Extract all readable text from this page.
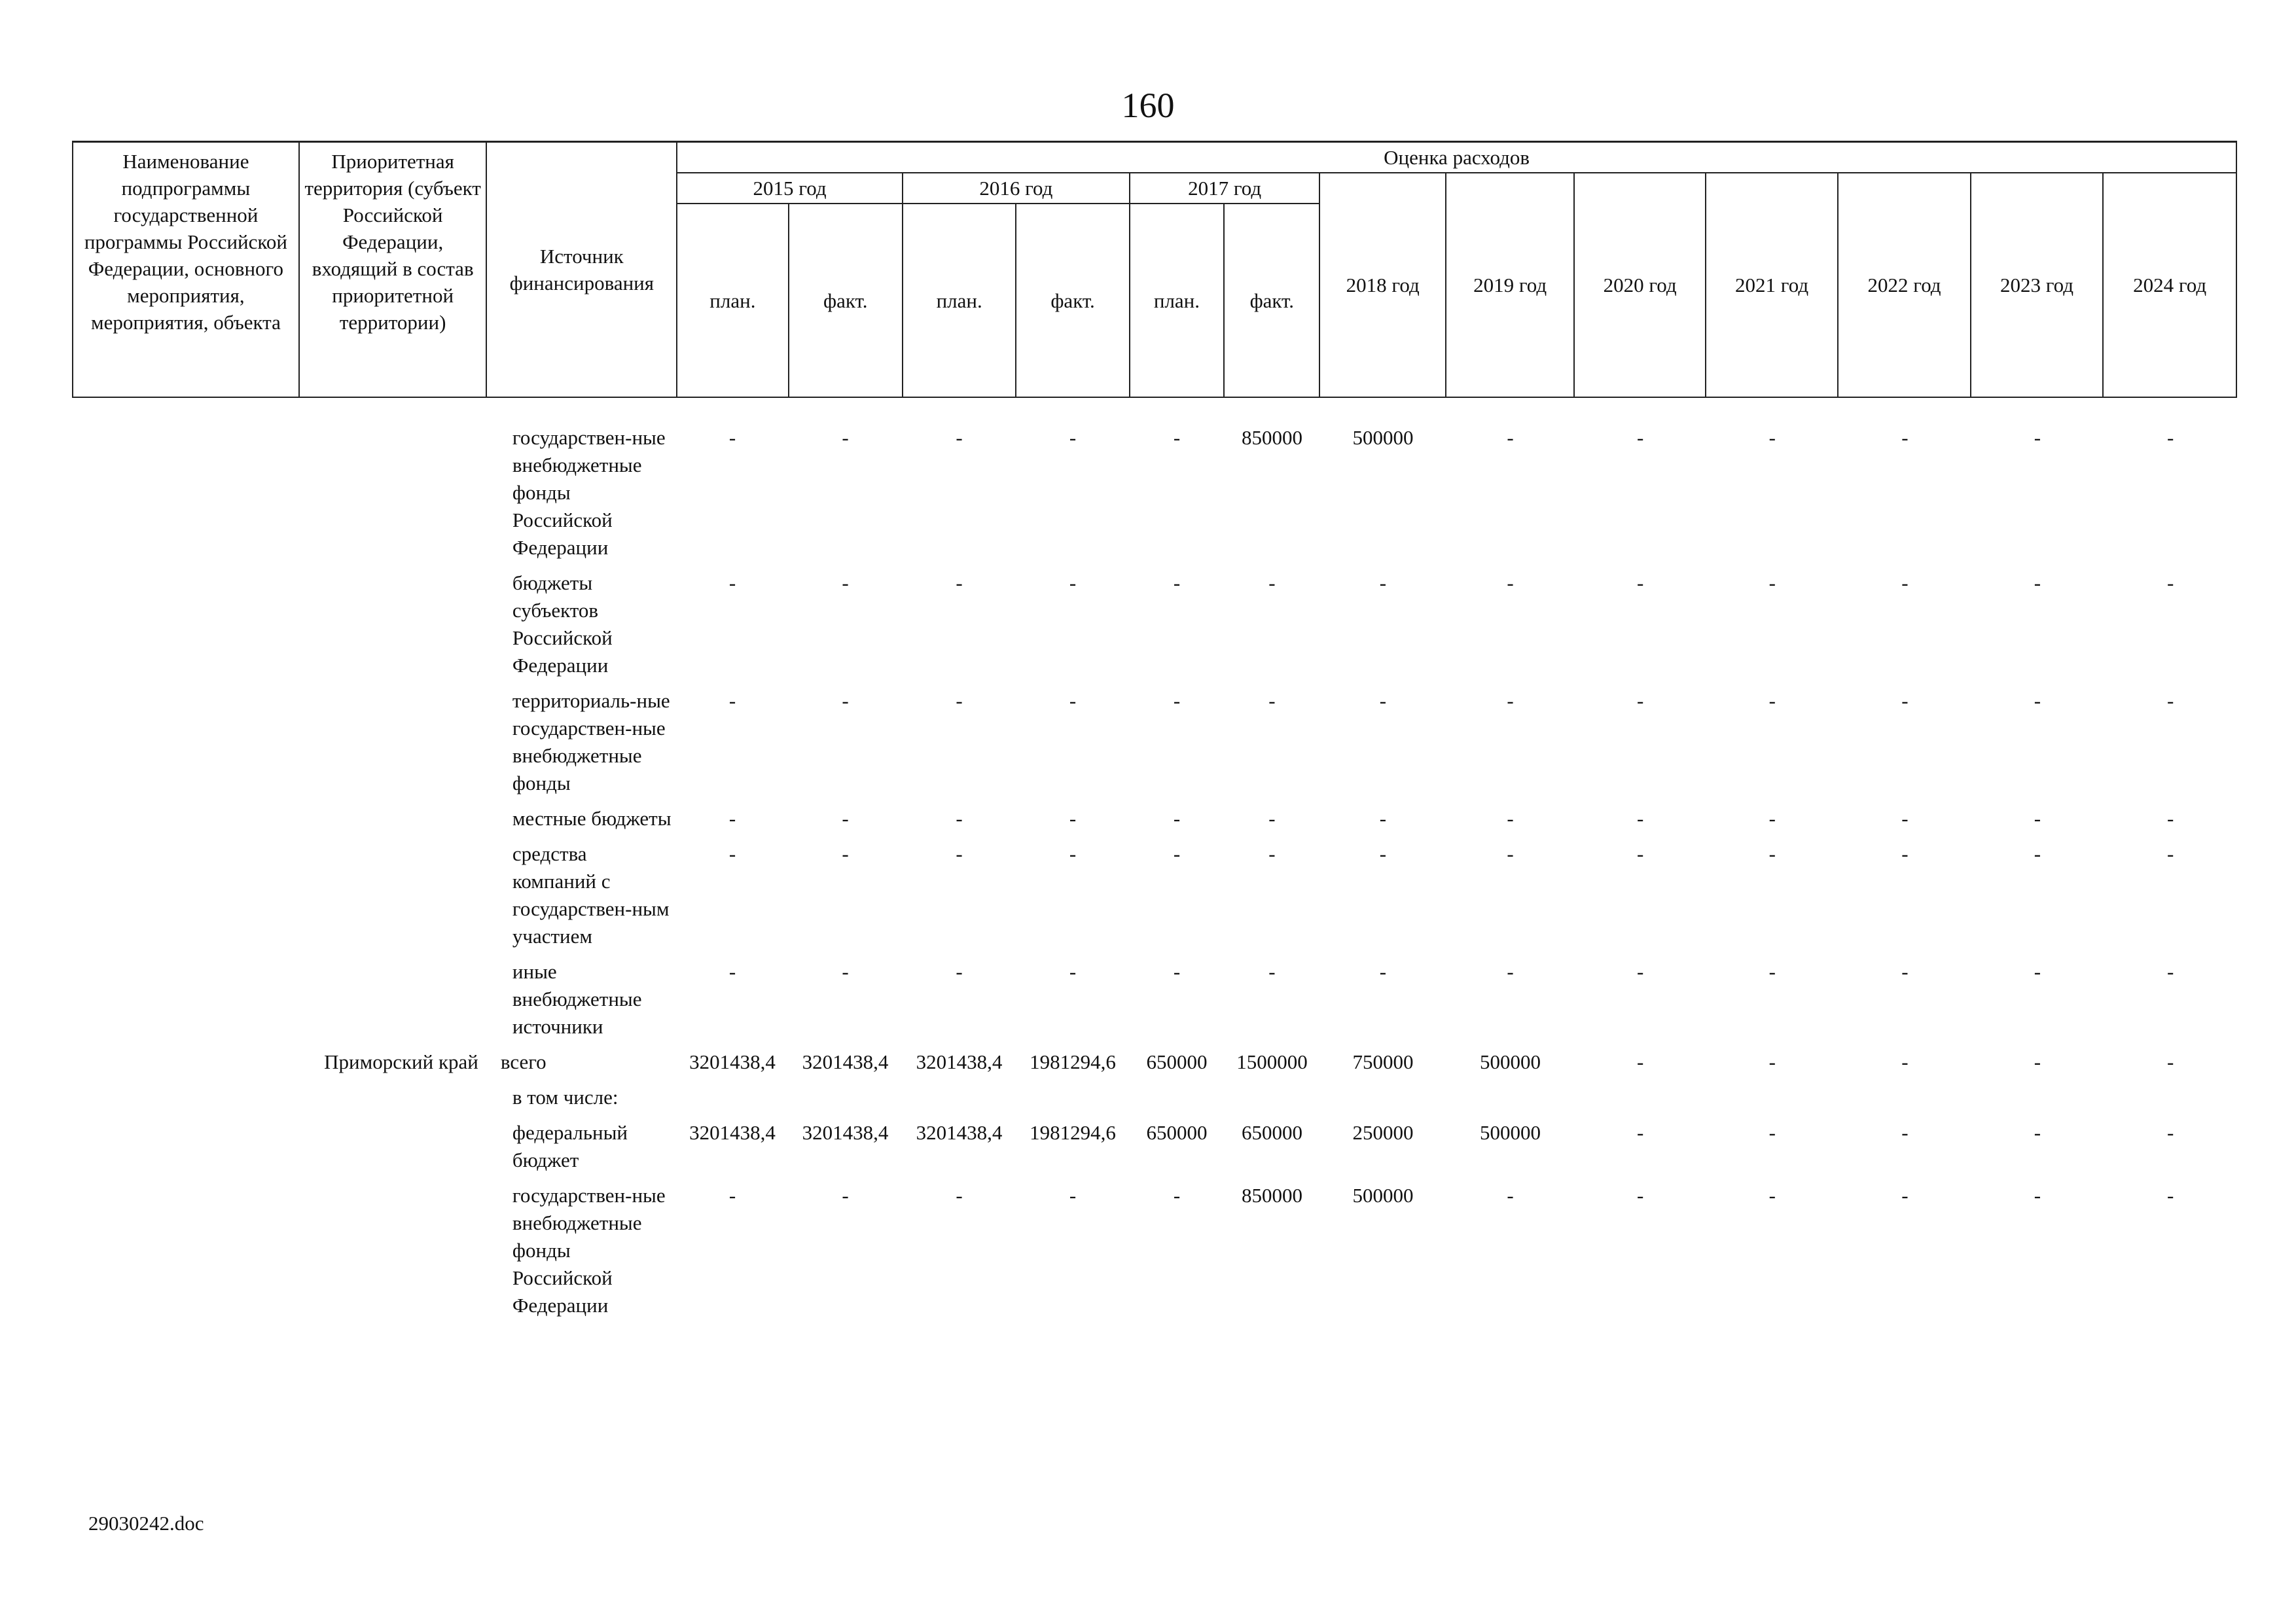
160
Наименование подпрограммы государственной программы Российской Федерации, основного мероприятия, мероприятия, объекта	Приоритетная территория (субъект Российской Федерации, входящий в состав приоритетной территории)	Источник финансирования	Оценка расходов												
			2015 год		2016 год		2017 год		2018 год	2019 год	2020 год	2021 год	2022 год	2023 год	2024 год
			план.	факт.	план.	факт.	план.	факт.							
		государствен-ные внебюджетные фонды Российской Федерации	-	-	-	-	-	850000	500000	-	-	-	-	-	-

		бюджеты субъектов Российской Федерации	-	-	-	-	-	-	-	-	-	-	-	-	-

		территориаль-ные государствен-ные внебюджетные фонды	-	-	-	-	-	-	-	-	-	-	-	-	-

		местные бюджеты	-	-	-	-	-	-	-	-	-	-	-	-	-

		средства компаний с государствен-ным участием	-	-	-	-	-	-	-	-	-	-	-	-	-

		иные внебюджетные источники	-	-	-	-	-	-	-	-	-	-	-	-	-

	Приморский край	всего	3201438,4	3201438,4	3201438,4	1981294,6	650000	1500000	750000	500000	-	-	-	-	-

		в том числе:													

		федеральный бюджет	3201438,4	3201438,4	3201438,4	1981294,6	650000	650000	250000	500000	-	-	-	-	-

		государствен-ные внебюджетные фонды Российской Федерации	-	-	-	-	-	850000	500000	-	-	-	-	-	-

29030242.doc
